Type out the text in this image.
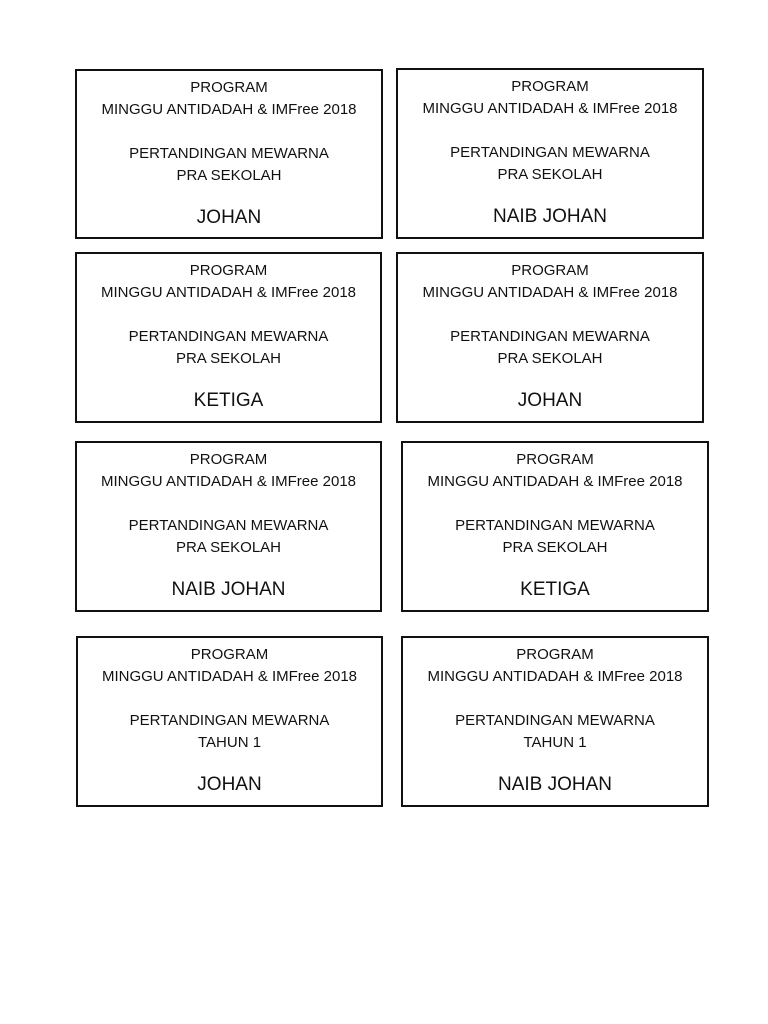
PROGRAM
MINGGU ANTIDADAH & IMFree 2018
PERTANDINGAN MEWARNA
PRA SEKOLAH
JOHAN
PROGRAM
MINGGU ANTIDADAH & IMFree 2018
PERTANDINGAN MEWARNA
PRA SEKOLAH
NAIB JOHAN
PROGRAM
MINGGU ANTIDADAH & IMFree 2018
PERTANDINGAN MEWARNA
PRA SEKOLAH
KETIGA
PROGRAM
MINGGU ANTIDADAH & IMFree 2018
PERTANDINGAN MEWARNA
PRA SEKOLAH
JOHAN
PROGRAM
MINGGU ANTIDADAH & IMFree 2018
PERTANDINGAN MEWARNA
PRA SEKOLAH
NAIB JOHAN
PROGRAM
MINGGU ANTIDADAH & IMFree 2018
PERTANDINGAN MEWARNA
PRA SEKOLAH
KETIGA
PROGRAM
MINGGU ANTIDADAH & IMFree 2018
PERTANDINGAN MEWARNA
TAHUN 1
JOHAN
PROGRAM
MINGGU ANTIDADAH & IMFree 2018
PERTANDINGAN MEWARNA
TAHUN 1
NAIB JOHAN
